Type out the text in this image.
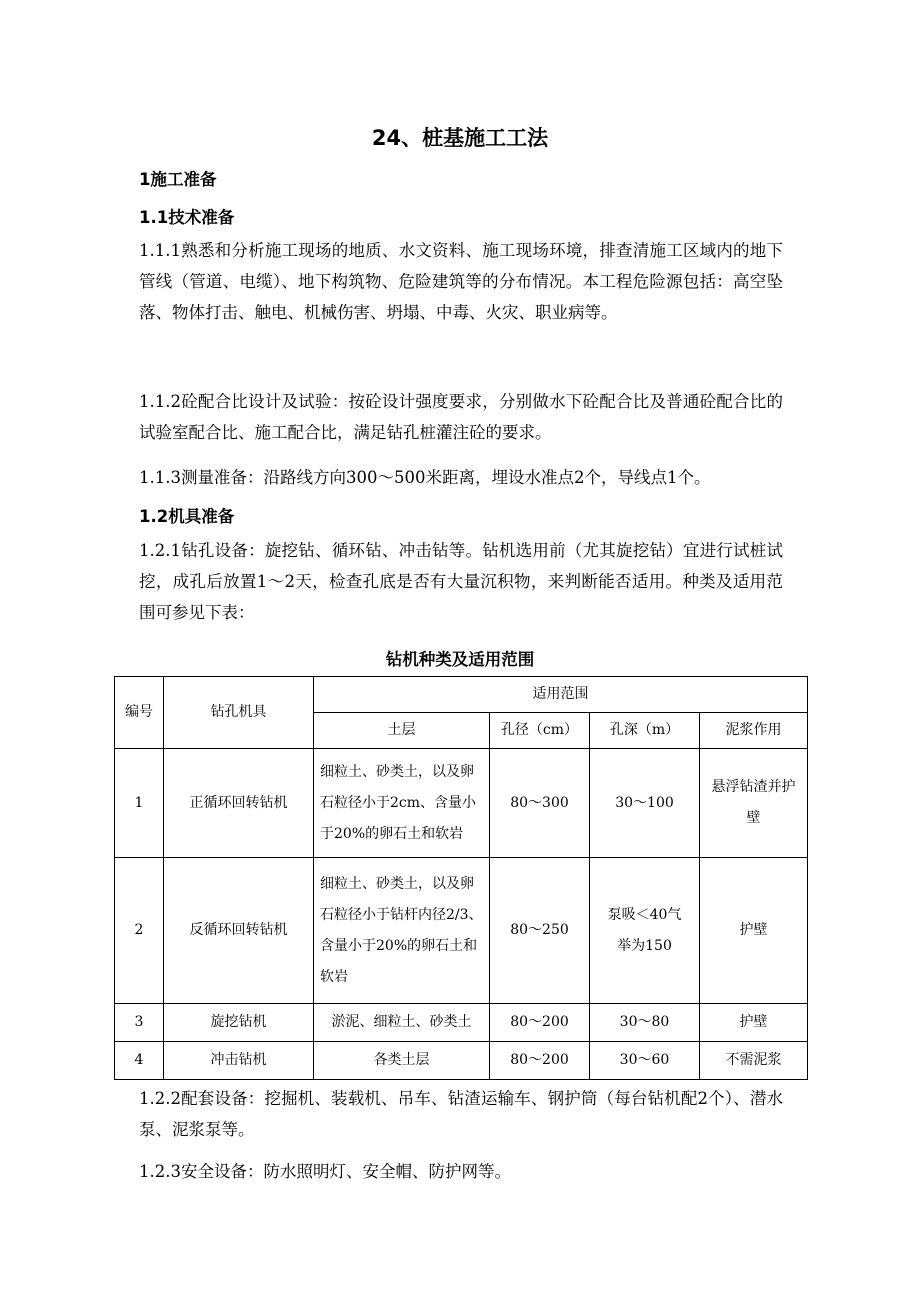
24、桩基施工工法
1施工准备
1.1技术准备
1.1.1熟悉和分析施工现场的地质、水文资料、施工现场环境，排查清施工区域内的地下管线（管道、电缆）、地下构筑物、危险建筑等的分布情况。本工程危险源包括：高空坠落、物体打击、触电、机械伤害、坍塌、中毒、火灾、职业病等。
1.1.2砼配合比设计及试验：按砼设计强度要求，分别做水下砼配合比及普通砼配合比的试验室配合比、施工配合比，满足钻孔桩灌注砼的要求。
1.1.3测量准备：沿路线方向300～500米距离，埋设水准点2个，导线点1个。
1.2机具准备
1.2.1钻孔设备：旋挖钻、循环钻、冲击钻等。钻机选用前（尤其旋挖钻）宜进行试桩试挖，成孔后放置1～2天，检查孔底是否有大量沉积物，来判断能否适用。种类及适用范围可参见下表：
钻机种类及适用范围
编号	钻孔机具	适用范围			
		土层	孔径（cm）	孔深（m）	泥浆作用
1	正循环回转钻机	细粒土、砂类土，以及卵石粒径小于2cm、含量小于20%的卵石土和软岩	80～300	30～100	悬浮钻渣并护壁
2	反循环回转钻机	细粒土、砂类土，以及卵石粒径小于钻杆内径2/3、含量小于20%的卵石土和软岩	80～250	泵吸＜40气举为150	护壁
3	旋挖钻机	淤泥、细粒土、砂类土	80～200	30～80	护壁
4	冲击钻机	各类土层	80～200	30～60	不需泥浆
1.2.2配套设备：挖掘机、装载机、吊车、钻渣运输车、钢护筒（每台钻机配2个）、潜水泵、泥浆泵等。
1.2.3安全设备：防水照明灯、安全帽、防护网等。
